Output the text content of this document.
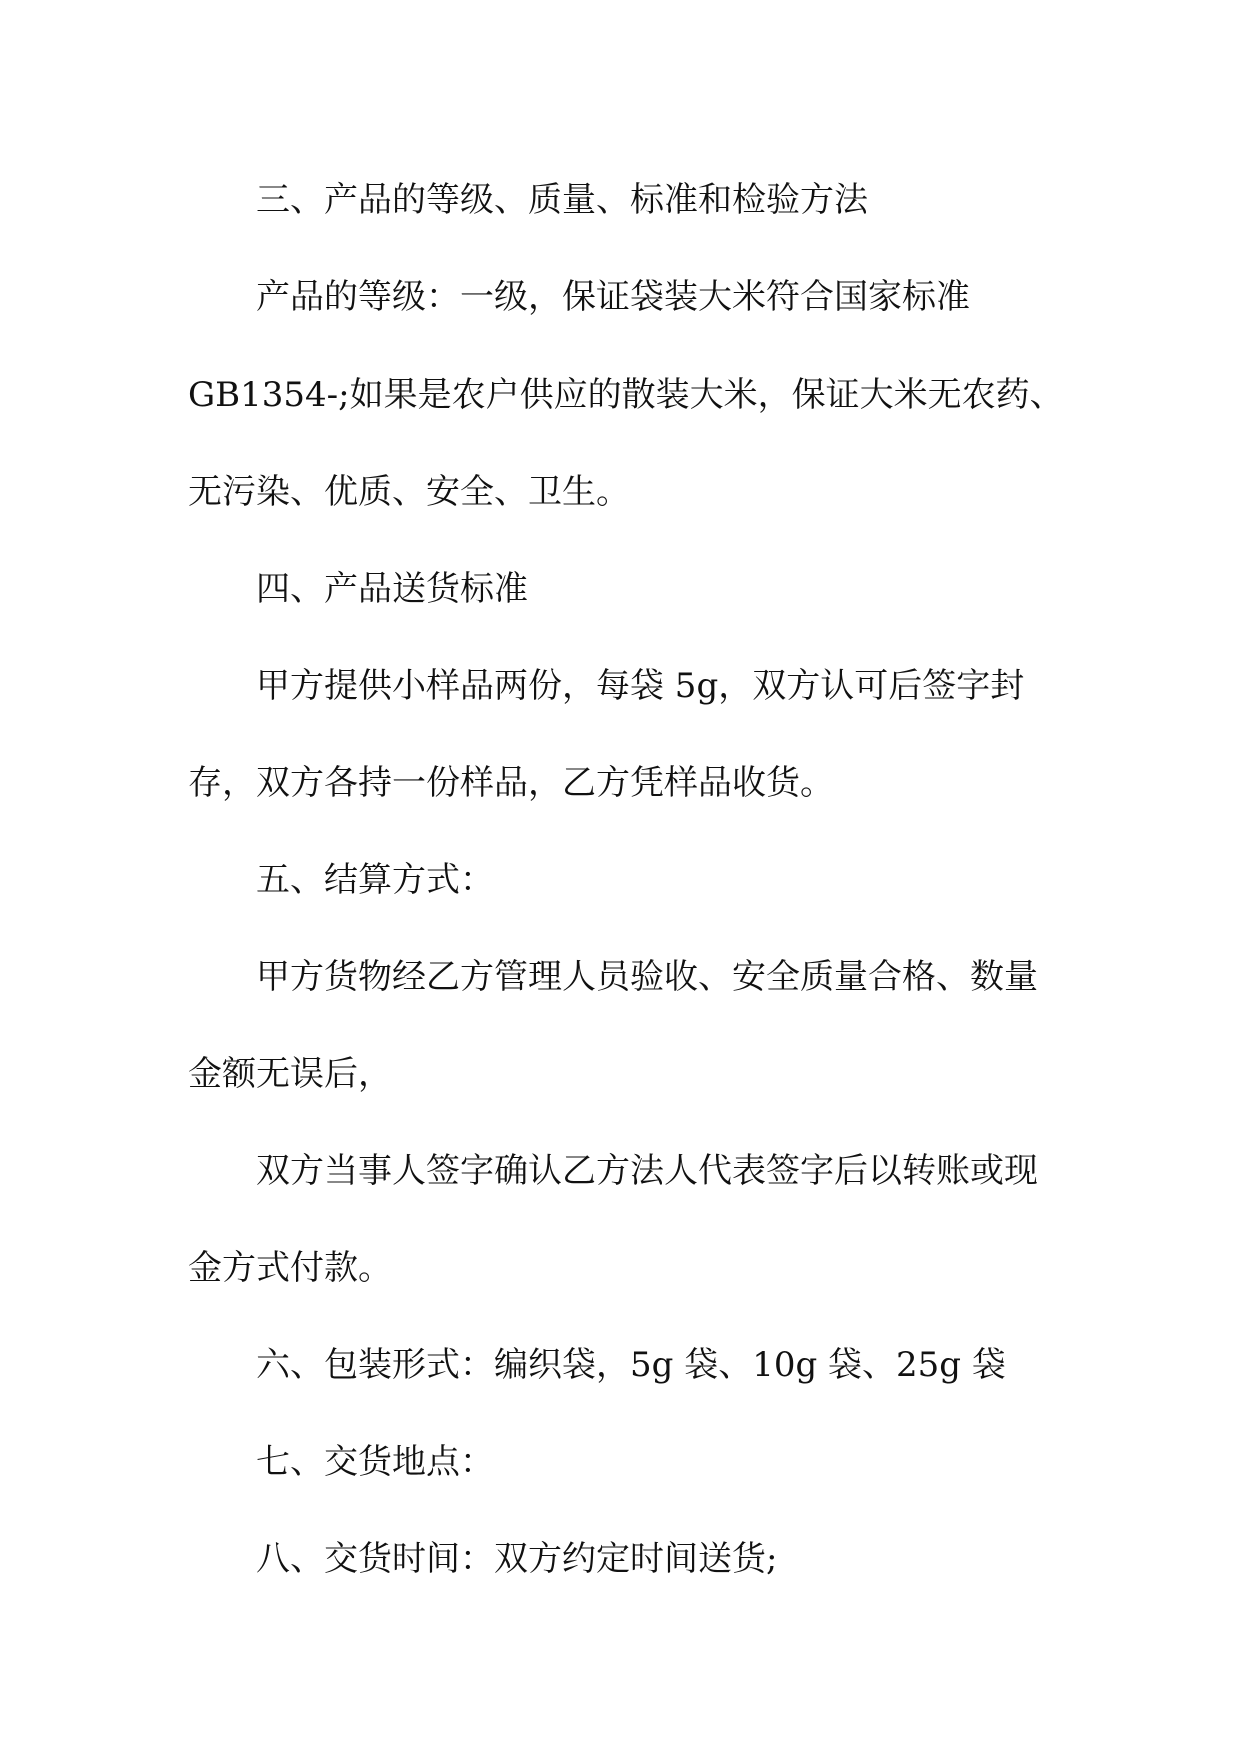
三、产品的等级、质量、标准和检验方法
产品的等级：一级，保证袋装大米符合国家标准
GB1354-;如果是农户供应的散装大米，保证大米无农药、
无污染、优质、安全、卫生。
四、产品送货标准
甲方提供小样品两份，每袋 5g，双方认可后签字封
存，双方各持一份样品，乙方凭样品收货。
五、结算方式：
甲方货物经乙方管理人员验收、安全质量合格、数量
金额无误后，
双方当事人签字确认乙方法人代表签字后以转账或现
金方式付款。
六、包装形式：编织袋，5g 袋、10g 袋、25g 袋
七、交货地点：
八、交货时间：双方约定时间送货;
